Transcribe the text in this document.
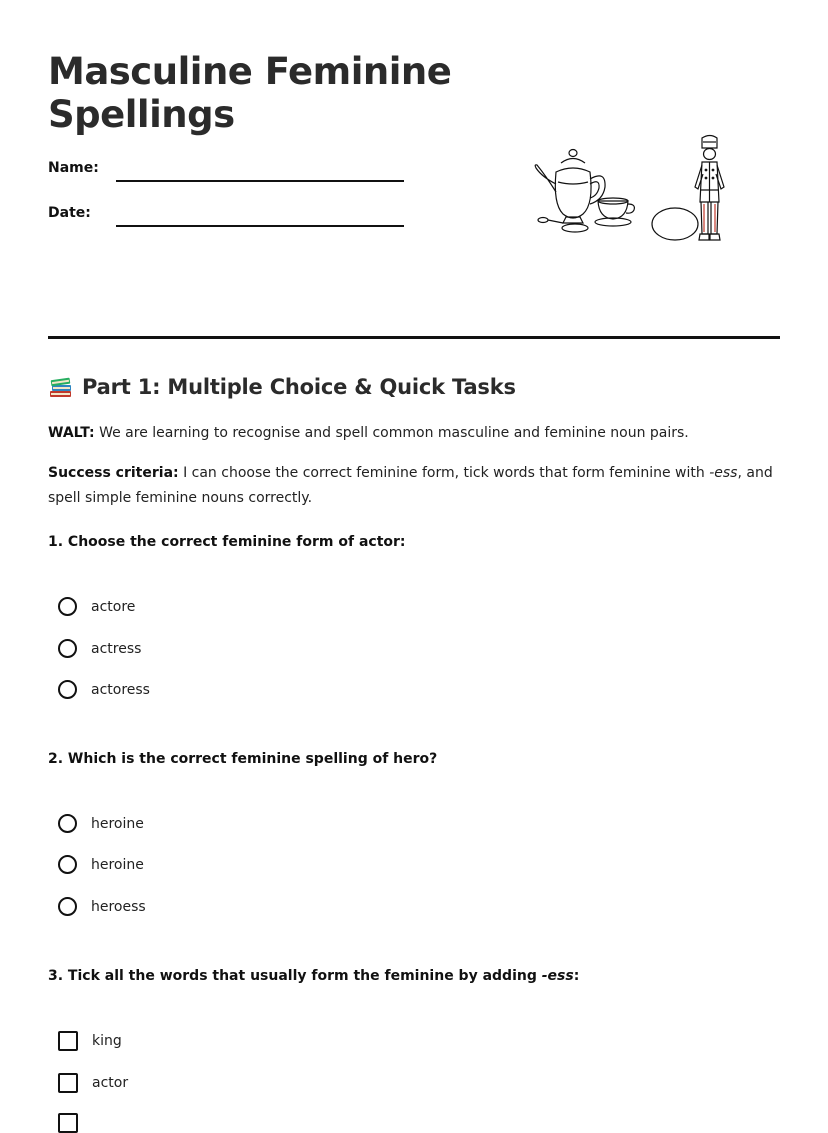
Masculine Feminine
Spellings
Name:
Date:
Part 1: Multiple Choice & Quick Tasks
WALT: We are learning to recognise and spell common masculine and feminine noun pairs.
Success criteria: I can choose the correct feminine form, tick words that form feminine with -ess, and spell simple feminine nouns correctly.
1. Choose the correct feminine form of actor:
actore
actress
actoress
2. Which is the correct feminine spelling of hero?
heroine
heroine
heroess
3. Tick all the words that usually form the feminine by adding -ess:
king
actor
